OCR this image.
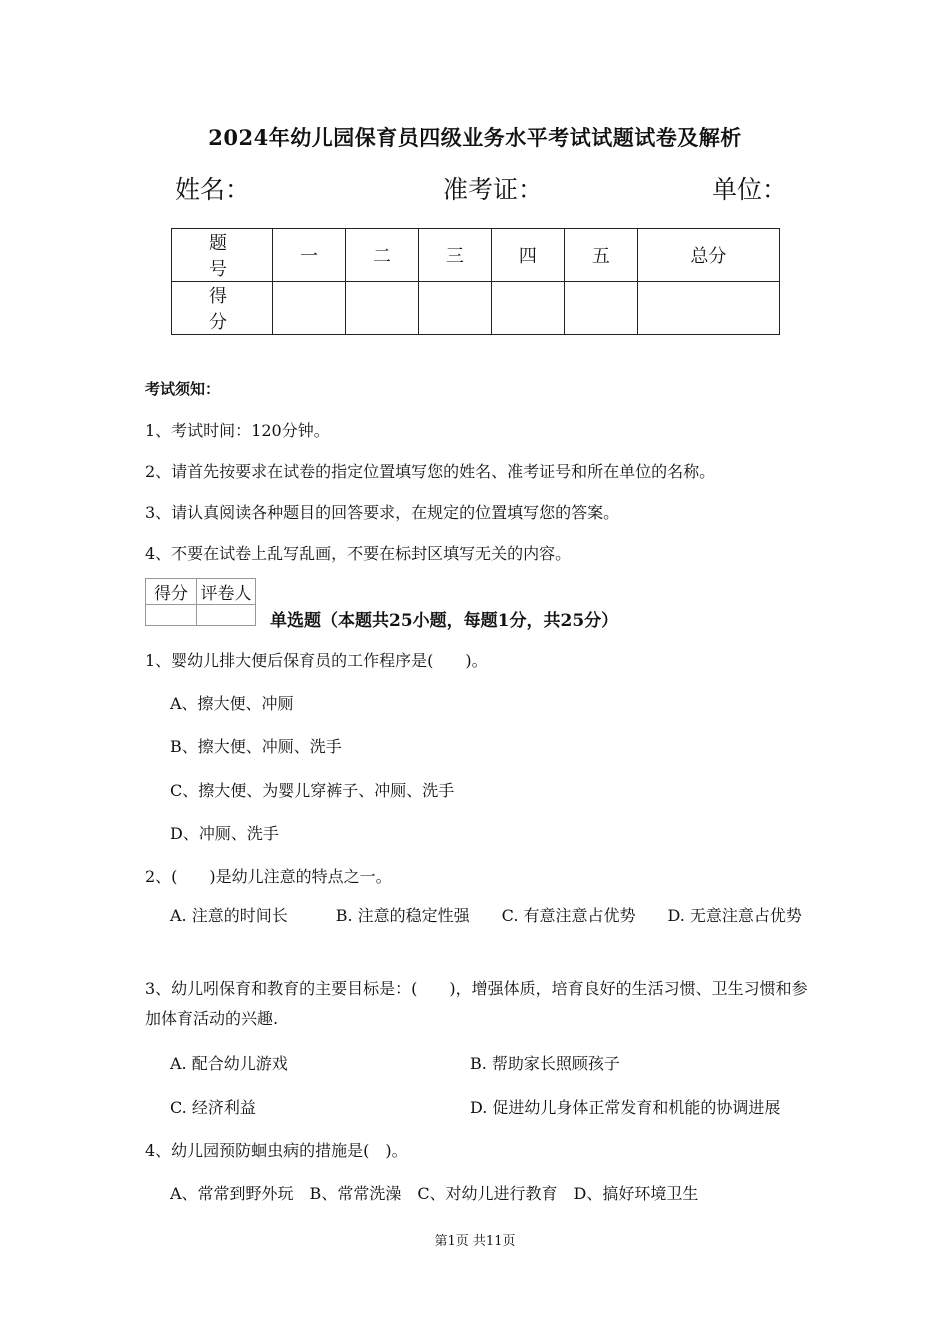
2024年幼儿园保育员四级业务水平考试试题试卷及解析
姓名：	准考证：	单位：
题 号	一	二	三	四	五	总分
得 分						
考试须知：
1、考试时间：120分钟。
2、请首先按要求在试卷的指定位置填写您的姓名、准考证号和所在单位的名称。
3、请认真阅读各种题目的回答要求，在规定的位置填写您的答案。
4、不要在试卷上乱写乱画，不要在标封区填写无关的内容。
得分	评卷人

单选题（本题共25小题，每题1分，共25分）
1、婴幼儿排大便后保育员的工作程序是(　　)。
A、擦大便、冲厕
B、擦大便、冲厕、洗手
C、擦大便、为婴儿穿裤子、冲厕、洗手
D、冲厕、洗手
2、(　　)是幼儿注意的特点之一。
A. 注意的时间长　　　B. 注意的稳定性强　　C. 有意注意占优势　　D. 无意注意占优势
3、幼儿吲保育和教育的主要目标是：(　　)，增强体质，培育良好的生活习惯、卫生习惯和参加体育活动的兴趣.
A. 配合幼儿游戏	B. 帮助家长照顾孩子
C. 经济利益	D. 促进幼儿身体正常发育和机能的协调进展
4、幼儿园预防蛔虫病的措施是(　)。
A、常常到野外玩　B、常常洗澡　C、对幼儿进行教育　D、搞好环境卫生
第1页 共11页
